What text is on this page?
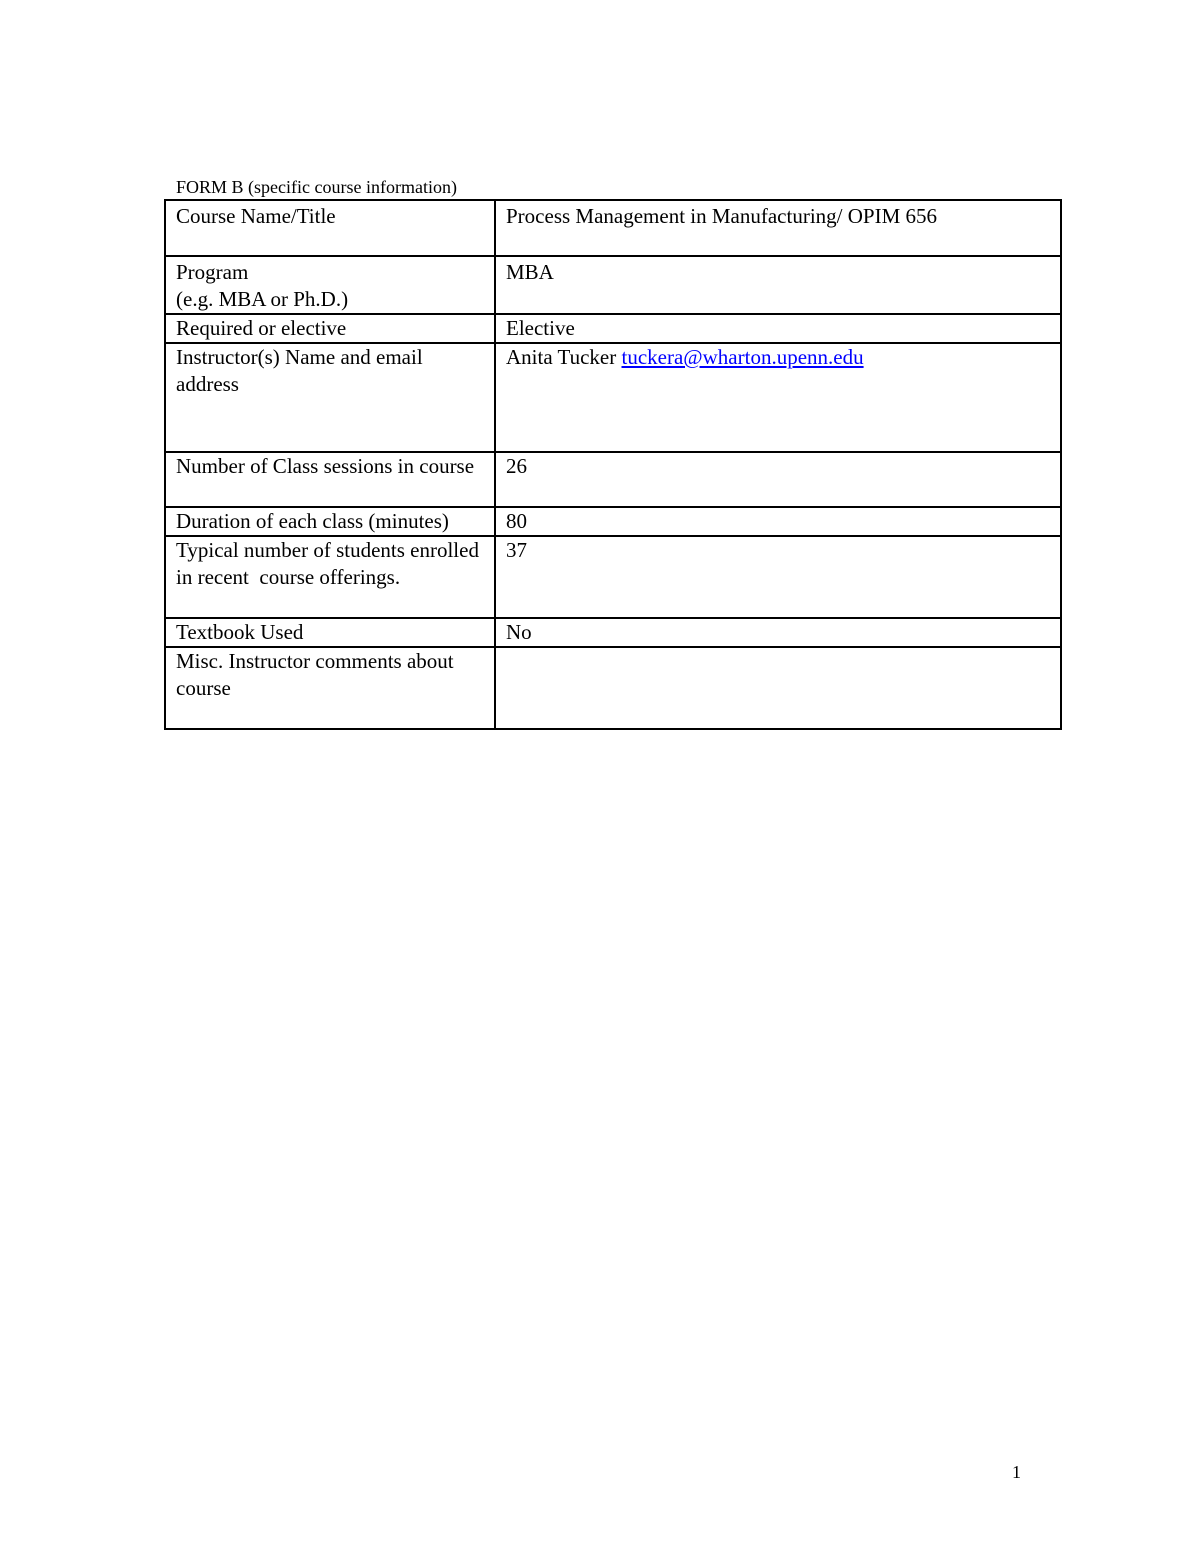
FORM B (specific course information)
Course Name/Title	Process Management in Manufacturing/ OPIM 656
Program
(e.g. MBA or Ph.D.)	MBA
Required or elective	Elective
Instructor(s) Name and email address	Anita Tucker tuckera@wharton.upenn.edu
Number of Class sessions in course	26
Duration of each class (minutes)	80
Typical number of students enrolled  in recent  course offerings.	37
Textbook Used	No
Misc. Instructor comments about  course	
1
